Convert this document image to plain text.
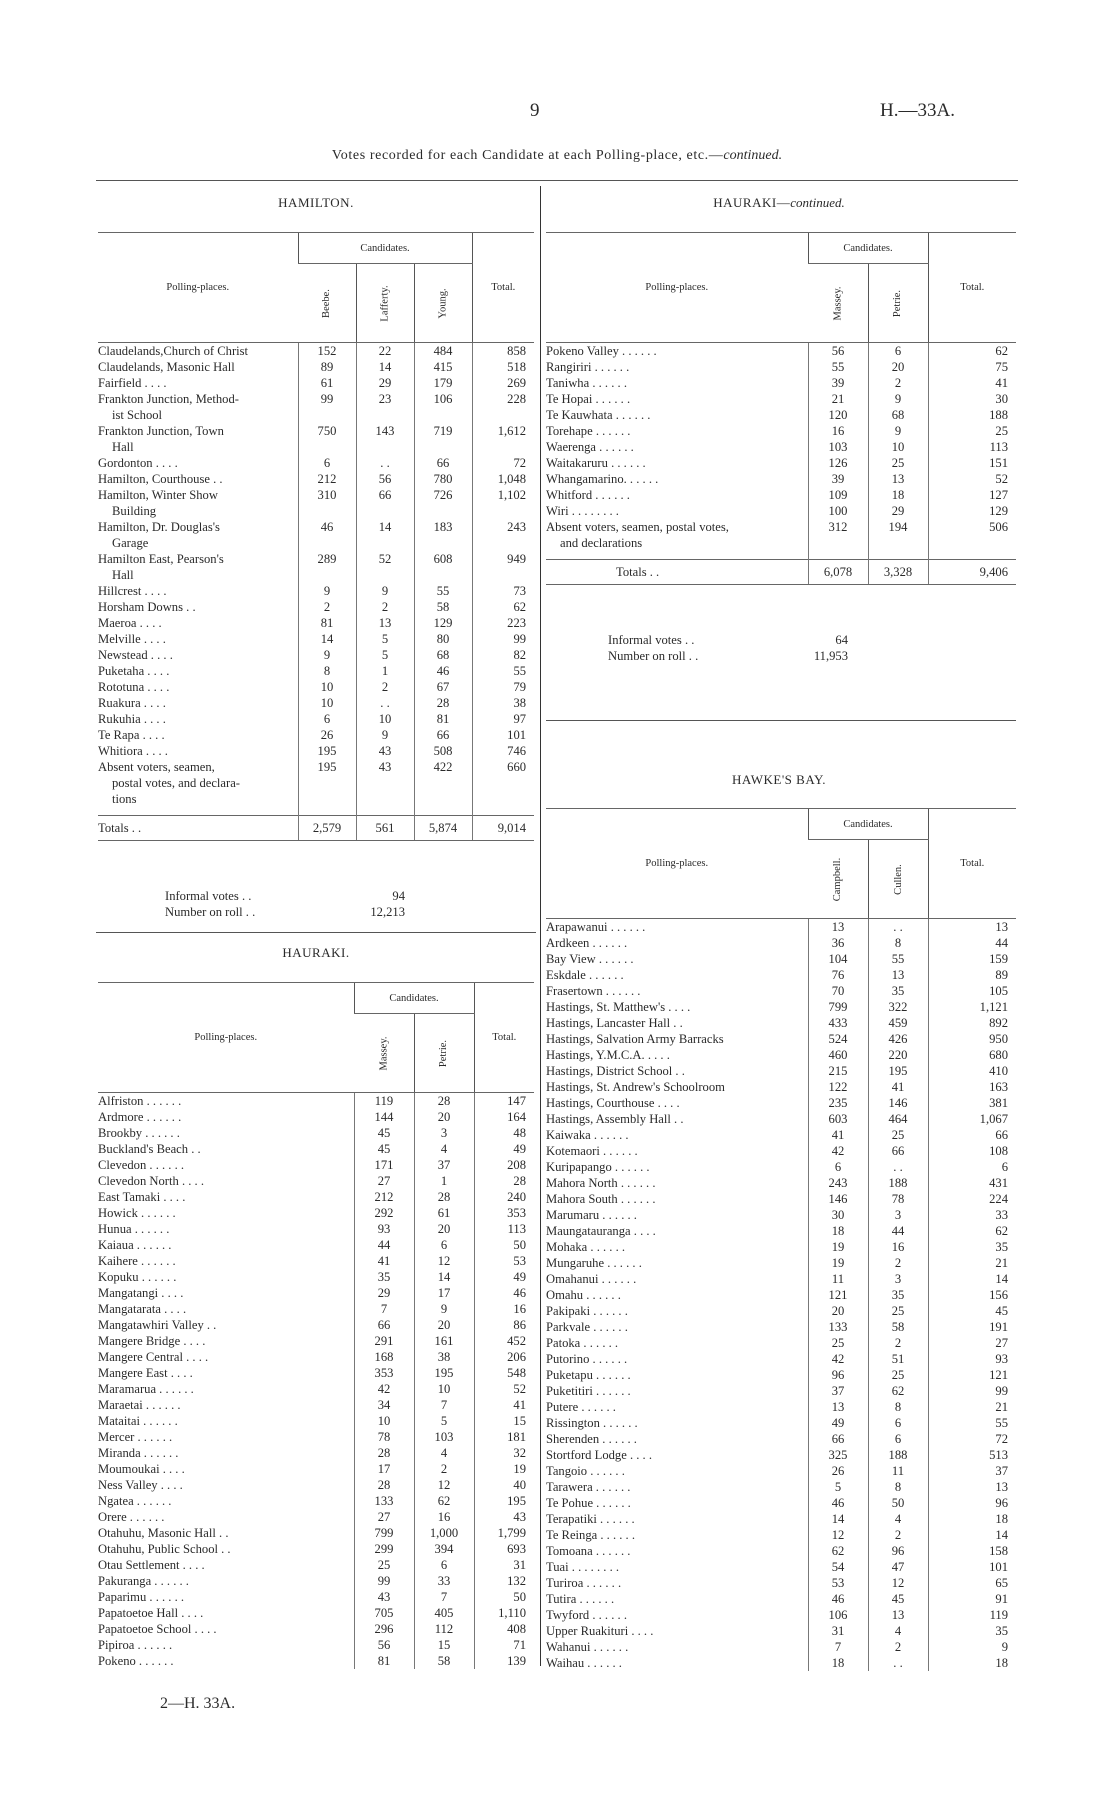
9	H.—33A.
Votes recorded for each Candidate at each Polling-place, etc.—continued.
HAMILTON.
Polling-places.	Candidates.			Total.
	Beebe.	Lafferty.	Young.	
Claudelands,Church of Christ	152	22	484	858
Claudelands, Masonic Hall	89	14	415	518
Fairfield . . . .	61	29	179	269
Frankton Junction, Method-	99	23	106	228
ist School				
Frankton Junction, Town	750	143	719	1,612
Hall				
Gordonton . . . .	6	. .	66	72
Hamilton, Courthouse . .	212	56	780	1,048
Hamilton, Winter Show	310	66	726	1,102
Building				
Hamilton, Dr. Douglas's	46	14	183	243
Garage				
Hamilton East, Pearson's	289	52	608	949
Hall				
Hillcrest . . . .	9	9	55	73
Horsham Downs . .	2	2	58	62
Maeroa . . . .	81	13	129	223
Melville . . . .	14	5	80	99
Newstead . . . .	9	5	68	82
Puketaha . . . .	8	1	46	55
Rototuna . . . .	10	2	67	79
Ruakura . . . .	10	. .	28	38
Rukuhia . . . .	6	10	81	97
Te Rapa . . . .	26	9	66	101
Whitiora . . . .	195	43	508	746
Absent voters, seamen,	195	43	422	660
postal votes, and declara-				
tions				

Totals . .	2,579	561	5,874	9,014
Informal votes . .	94
Number on roll . .	12,213
HAURAKI.
Polling-places.	Candidates.		Total.
	Massey.	Petrie.	
Alfriston . . . . . .	119	28	147
Ardmore . . . . . .	144	20	164
Brookby . . . . . .	45	3	48
Buckland's Beach . .	45	4	49
Clevedon . . . . . .	171	37	208
Clevedon North . . . .	27	1	28
East Tamaki . . . .	212	28	240
Howick . . . . . .	292	61	353
Hunua . . . . . .	93	20	113
Kaiaua . . . . . .	44	6	50
Kaihere . . . . . .	41	12	53
Kopuku . . . . . .	35	14	49
Mangatangi . . . .	29	17	46
Mangatarata . . . .	7	9	16
Mangatawhiri Valley . .	66	20	86
Mangere Bridge . . . .	291	161	452
Mangere Central . . . .	168	38	206
Mangere East . . . .	353	195	548
Maramarua . . . . . .	42	10	52
Maraetai . . . . . .	34	7	41
Mataitai . . . . . .	10	5	15
Mercer . . . . . .	78	103	181
Miranda . . . . . .	28	4	32
Moumoukai . . . .	17	2	19
Ness Valley . . . .	28	12	40
Ngatea . . . . . .	133	62	195
Orere . . . . . .	27	16	43
Otahuhu, Masonic Hall . .	799	1,000	1,799
Otahuhu, Public School . .	299	394	693
Otau Settlement . . . .	25	6	31
Pakuranga . . . . . .	99	33	132
Paparimu . . . . . .	43	7	50
Papatoetoe Hall . . . .	705	405	1,110
Papatoetoe School . . . .	296	112	408
Pipiroa . . . . . .	56	15	71
Pokeno . . . . . .	81	58	139
HAURAKI—continued.
Polling-places.	Candidates.		Total.
	Massey.	Petrie.	
Pokeno Valley . . . . . .	56	6	62
Rangiriri . . . . . .	55	20	75
Taniwha . . . . . .	39	2	41
Te Hopai . . . . . .	21	9	30
Te Kauwhata . . . . . .	120	68	188
Torehape . . . . . .	16	9	25
Waerenga . . . . . .	103	10	113
Waitakaruru . . . . . .	126	25	151
Whangamarino. . . . . .	39	13	52
Whitford . . . . . .	109	18	127
Wiri . . . . . . . .	100	29	129
Absent voters, seamen, postal votes,	312	194	506
and declarations			

Totals . .	6,078	3,328	9,406
Informal votes . .	64
Number on roll . .	11,953
HAWKE'S BAY.
Polling-places.	Candidates.		Total.
	Campbell.	Cullen.	
Arapawanui . . . . . .	13	. .	13
Ardkeen . . . . . .	36	8	44
Bay View . . . . . .	104	55	159
Eskdale . . . . . .	76	13	89
Frasertown . . . . . .	70	35	105
Hastings, St. Matthew's . . . .	799	322	1,121
Hastings, Lancaster Hall . .	433	459	892
Hastings, Salvation Army Barracks	524	426	950
Hastings, Y.M.C.A. . . . .	460	220	680
Hastings, District School . .	215	195	410
Hastings, St. Andrew's Schoolroom	122	41	163
Hastings, Courthouse . . . .	235	146	381
Hastings, Assembly Hall . .	603	464	1,067
Kaiwaka . . . . . .	41	25	66
Kotemaori . . . . . .	42	66	108
Kuripapango . . . . . .	6	. .	6
Mahora North . . . . . .	243	188	431
Mahora South . . . . . .	146	78	224
Marumaru . . . . . .	30	3	33
Maungatauranga . . . .	18	44	62
Mohaka . . . . . .	19	16	35
Mungaruhe . . . . . .	19	2	21
Omahanui . . . . . .	11	3	14
Omahu . . . . . .	121	35	156
Pakipaki . . . . . .	20	25	45
Parkvale . . . . . .	133	58	191
Patoka . . . . . .	25	2	27
Putorino . . . . . .	42	51	93
Puketapu . . . . . .	96	25	121
Puketitiri . . . . . .	37	62	99
Putere . . . . . .	13	8	21
Rissington . . . . . .	49	6	55
Sherenden . . . . . .	66	6	72
Stortford Lodge . . . .	325	188	513
Tangoio . . . . . .	26	11	37
Tarawera . . . . . .	5	8	13
Te Pohue . . . . . .	46	50	96
Terapatiki . . . . . .	14	4	18
Te Reinga . . . . . .	12	2	14
Tomoana . . . . . .	62	96	158
Tuai . . . . . . . .	54	47	101
Turiroa . . . . . .	53	12	65
Tutira . . . . . .	46	45	91
Twyford . . . . . .	106	13	119
Upper Ruakituri . . . .	31	4	35
Wahanui . . . . . .	7	2	9
Waihau . . . . . .	18	. .	18
2—H. 33A.
